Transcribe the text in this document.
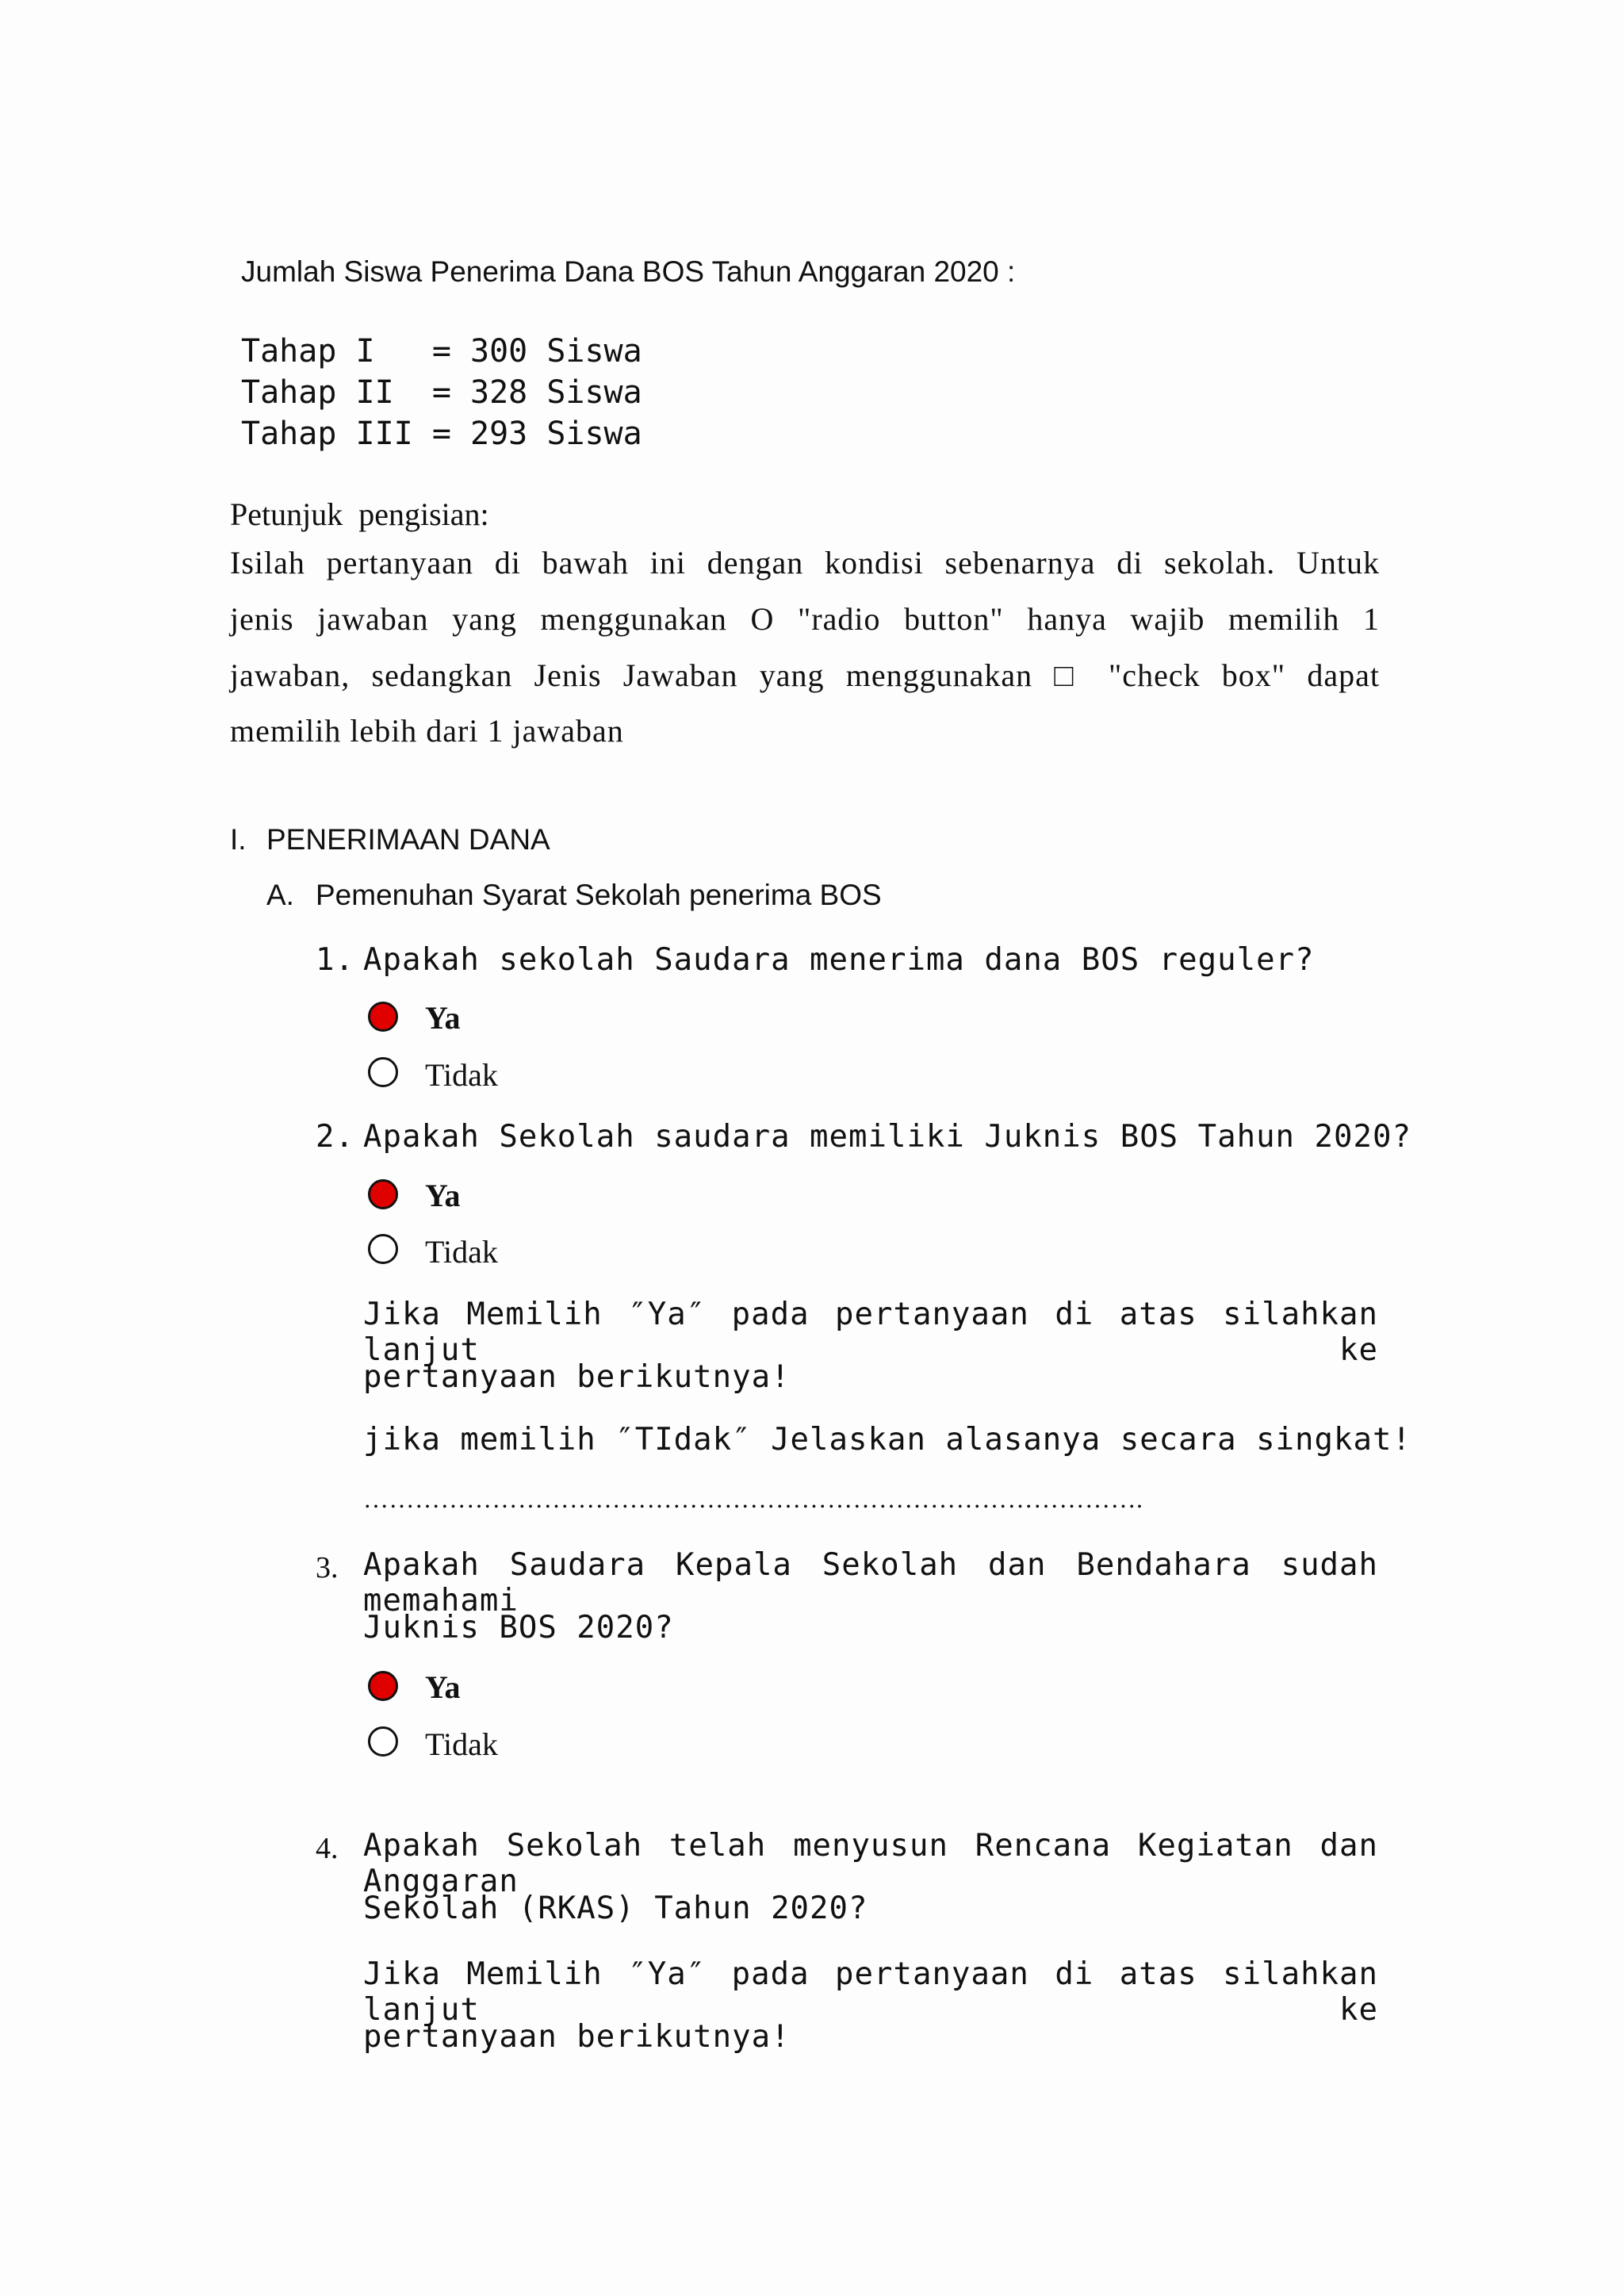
Jumlah Siswa Penerima Dana BOS Tahun Anggaran 2020 :
Tahap I   = 300 Siswa
Tahap II  = 328 Siswa
Tahap III = 293 Siswa
Petunjuk  pengisian:
Isilah pertanyaan di bawah ini dengan kondisi sebenarnya di sekolah. Untuk
jenis jawaban yang menggunakan O "radio button" hanya wajib memilih 1
jawaban, sedangkan Jenis Jawaban yang menggunakan □ "check box" dapat
memilih lebih dari 1 jawaban
I. PENERIMAAN DANA
A. Pemenuhan Syarat Sekolah penerima BOS
1. Apakah sekolah Saudara menerima dana BOS reguler?
Ya
Tidak
2. Apakah Sekolah saudara memiliki Juknis BOS Tahun 2020?
Ya
Tidak
Jika Memilih ″Ya″ pada pertanyaan di atas silahkan lanjut ke
pertanyaan berikutnya!
jika memilih ″TIdak″ Jelaskan alasanya secara singkat!
……………………………………………………………………………….
3. Apakah Saudara Kepala Sekolah dan Bendahara sudah memahami
Juknis BOS 2020?
Ya
Tidak
4. Apakah Sekolah telah menyusun Rencana Kegiatan dan Anggaran
Sekolah (RKAS) Tahun 2020?
Jika Memilih ″Ya″ pada pertanyaan di atas silahkan lanjut ke
pertanyaan berikutnya!
